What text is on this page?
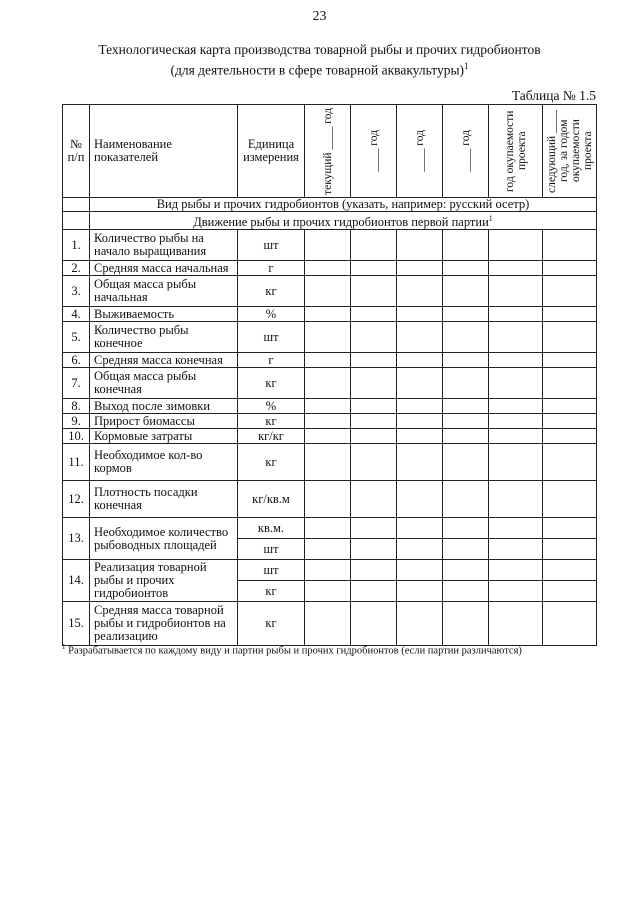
23
Технологическая карта производства товарной рыбы и прочих гидробионтов
(для деятельности в сфере товарной аквакультуры)$^1$
Таблица № 1.5
№ п/п	Наименование показателей	Единица измерения	текущий ____ год	____ год	____ год	____ год	год окупаемости проекта	следующий ____ год, за годом окупаемости проекта

	Вид рыбы и прочих гидробионтов (указать, например: русский осетр)							
	Движение рыбы и прочих гидробионтов первой партии$^1$
1.	Количество рыбы на начало выращивания	шт						
2.	Средняя масса начальная	г						
3.	Общая масса рыбы начальная	кг						
4.	Выживаемость	%						
5.	Количество рыбы конечное	шт						
6.	Средняя масса конечная	г						
7.	Общая масса рыбы конечная	кг						
8.	Выход после зимовки	%						
9.	Прирост биомассы	кг						
10.	Кормовые затраты	кг/кг						
11.	Необходимое кол-во кормов	кг						
12.	Плотность посадки конечная	кг/кв.м						
13.	Необходимое количество рыбоводных площадей	кв.м.						
		шт						
14.	Реализация товарной рыбы и прочих гидробионтов	шт						
		кг						
15.	Средняя масса товарной рыбы и гидробионтов на реализацию	кг						
$^1$ Разрабатывается по каждому виду и партии рыбы и прочих гидробионтов (если партии различаются)
